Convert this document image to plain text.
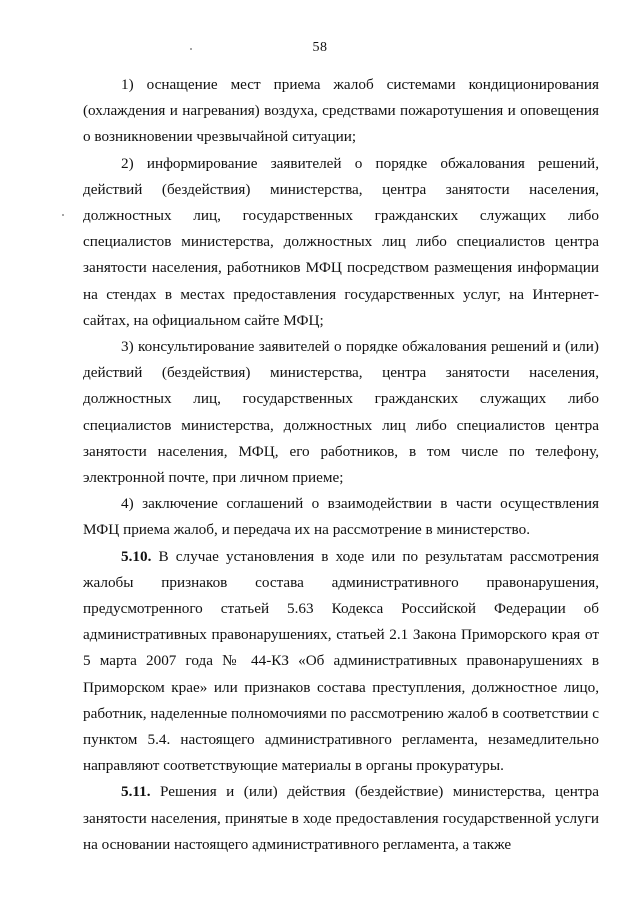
58

1) оснащение мест приема жалоб системами кондиционирования (охлаждения и нагревания) воздуха, средствами пожаротушения и оповещения о возникновении чрезвычайной ситуации;

2) информирование заявителей о порядке обжалования решений, действий (бездействия) министерства, центра занятости населения, должностных лиц, государственных гражданских служащих либо специалистов министерства, должностных лиц либо специалистов центра занятости населения, работников МФЦ посредством размещения информации на стендах в местах предоставления государственных услуг, на Интернет-сайтах, на официальном сайте МФЦ;

3) консультирование заявителей о порядке обжалования решений и (или) действий (бездействия) министерства, центра занятости населения, должностных лиц, государственных гражданских служащих либо специалистов министерства, должностных лиц либо специалистов центра занятости населения, МФЦ, его работников, в том числе по телефону, электронной почте, при личном приеме;

4) заключение соглашений о взаимодействии в части осуществления МФЦ приема жалоб, и передача их на рассмотрение в министерство.

5.10. В случае установления в ходе или по результатам рассмотрения жалобы признаков состава административного правонарушения, предусмотренного статьей 5.63 Кодекса Российской Федерации об административных правонарушениях, статьей 2.1 Закона Приморского края от 5 марта 2007 года № 44-КЗ «Об административных правонарушениях в Приморском крае» или признаков состава преступления, должностное лицо, работник, наделенные полномочиями по рассмотрению жалоб в соответствии с пунктом 5.4. настоящего административного регламента, незамедлительно направляют соответствующие материалы в органы прокуратуры.

5.11. Решения и (или) действия (бездействие) министерства, центра занятости населения, принятые в ходе предоставления государственной услуги на основании настоящего административного регламента, а также
